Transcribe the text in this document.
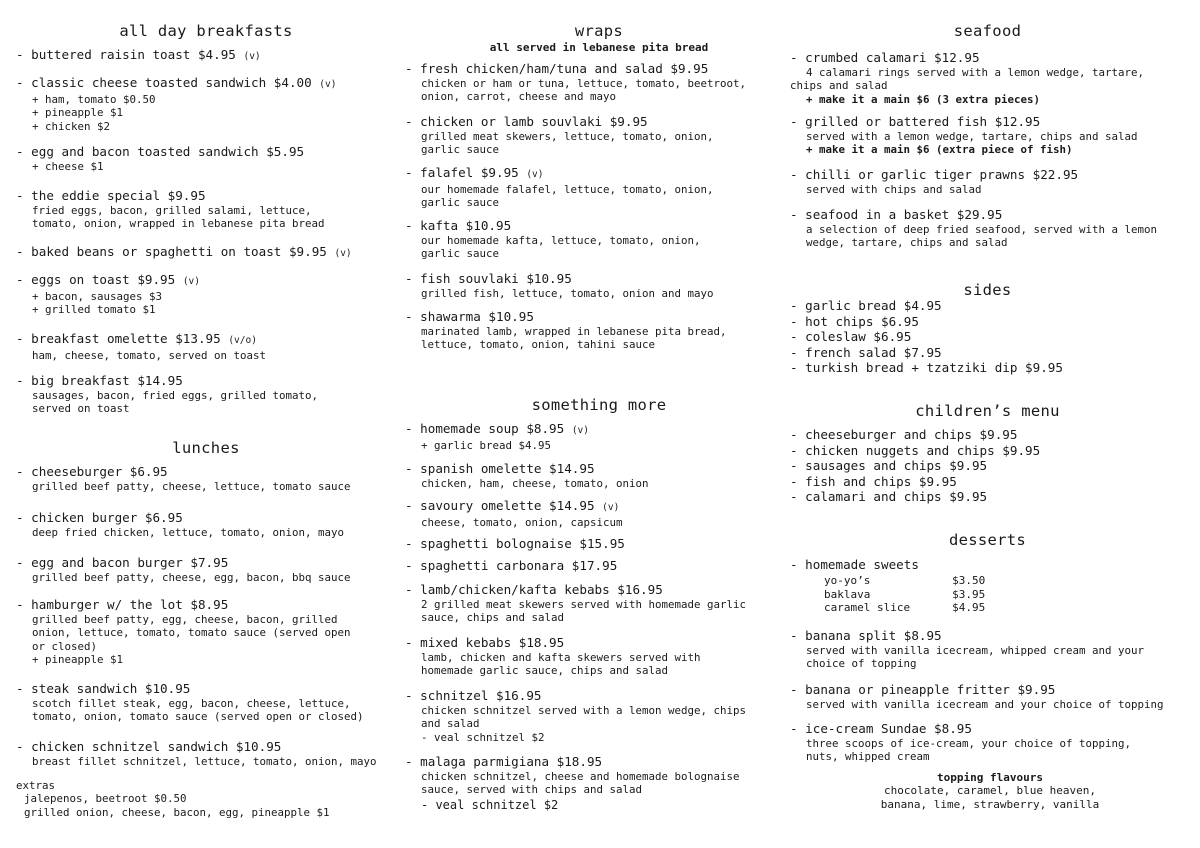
all day breakfasts
- buttered raisin toast $4.95 (v)
- classic cheese toasted sandwich $4.00 (v)
+ ham, tomato $0.50
+ pineapple $1
+ chicken $2
- egg and bacon toasted sandwich $5.95
+ cheese $1
- the eddie special $9.95
fried eggs, bacon, grilled salami, lettuce,
tomato, onion, wrapped in lebanese pita bread
- baked beans or spaghetti on toast $9.95 (v)
- eggs on toast $9.95 (v)
+ bacon, sausages $3
+ grilled tomato $1
- breakfast omelette $13.95 (v/o)
ham, cheese, tomato, served on toast
- big breakfast $14.95
sausages, bacon, fried eggs, grilled tomato,
served on toast
lunches
- cheeseburger $6.95
grilled beef patty, cheese, lettuce, tomato sauce
- chicken burger $6.95
deep fried chicken, lettuce, tomato, onion, mayo
- egg and bacon burger $7.95
grilled beef patty, cheese, egg, bacon, bbq sauce
- hamburger w/ the lot $8.95
grilled beef patty, egg, cheese, bacon, grilled
onion, lettuce, tomato, tomato sauce (served open
or closed)
+ pineapple $1
- steak sandwich $10.95
scotch fillet steak, egg, bacon, cheese, lettuce,
tomato, onion, tomato sauce (served open or closed)
- chicken schnitzel sandwich $10.95
breast fillet schnitzel, lettuce, tomato, onion, mayo
extras
jalepenos, beetroot $0.50
grilled onion, cheese, bacon, egg, pineapple $1
wraps
all served in lebanese pita bread
- fresh chicken/ham/tuna and salad $9.95
chicken or ham or tuna, lettuce, tomato, beetroot,
onion, carrot, cheese and mayo
- chicken or lamb souvlaki $9.95
grilled meat skewers, lettuce, tomato, onion,
garlic sauce
- falafel $9.95 (v)
our homemade falafel, lettuce, tomato, onion,
garlic sauce
- kafta $10.95
our homemade kafta, lettuce, tomato, onion,
garlic sauce
- fish souvlaki $10.95
grilled fish, lettuce, tomato, onion and mayo
- shawarma $10.95
marinated lamb, wrapped in lebanese pita bread,
lettuce, tomato, onion, tahini sauce
something more
- homemade soup $8.95 (v)
+ garlic bread $4.95
- spanish omelette $14.95
chicken, ham, cheese, tomato, onion
- savoury omelette $14.95 (v)
cheese, tomato, onion, capsicum
- spaghetti bolognaise $15.95
- spaghetti carbonara $17.95
- lamb/chicken/kafta kebabs $16.95
2 grilled meat skewers served with homemade garlic
sauce, chips and salad
- mixed kebabs $18.95
lamb, chicken and kafta skewers served with
homemade garlic sauce, chips and salad
- schnitzel $16.95
chicken schnitzel served with a lemon wedge, chips
and salad
- veal schnitzel $2
- malaga parmigiana $18.95
chicken schnitzel, cheese and homemade bolognaise
sauce, served with chips and salad
- veal schnitzel $2
seafood
- crumbed calamari $12.95
4 calamari rings served with a lemon wedge, tartare,
chips and salad
+ make it a main $6 (3 extra pieces)
- grilled or battered fish $12.95
served with a lemon wedge, tartare, chips and salad
+ make it a main $6 (extra piece of fish)
- chilli or garlic tiger prawns $22.95
served with chips and salad
- seafood in a basket $29.95
a selection of deep fried seafood, served with a lemon
wedge, tartare, chips and salad
sides
- garlic bread $4.95
- hot chips $6.95
- coleslaw $6.95
- french salad $7.95
- turkish bread + tzatziki dip $9.95
children’s menu
- cheeseburger and chips $9.95
- chicken nuggets and chips $9.95
- sausages and chips $9.95
- fish and chips $9.95
- calamari and chips $9.95
desserts
- homemade sweets
yo-yo’s	$3.50
baklava	$3.95
caramel slice	$4.95
- banana split $8.95
served with vanilla icecream, whipped cream and your
choice of topping
- banana or pineapple fritter $9.95
served with vanilla icecream and your choice of topping
- ice-cream Sundae $8.95
three scoops of ice-cream, your choice of topping,
nuts, whipped cream
topping flavours
chocolate, caramel, blue heaven,
banana, lime, strawberry, vanilla
